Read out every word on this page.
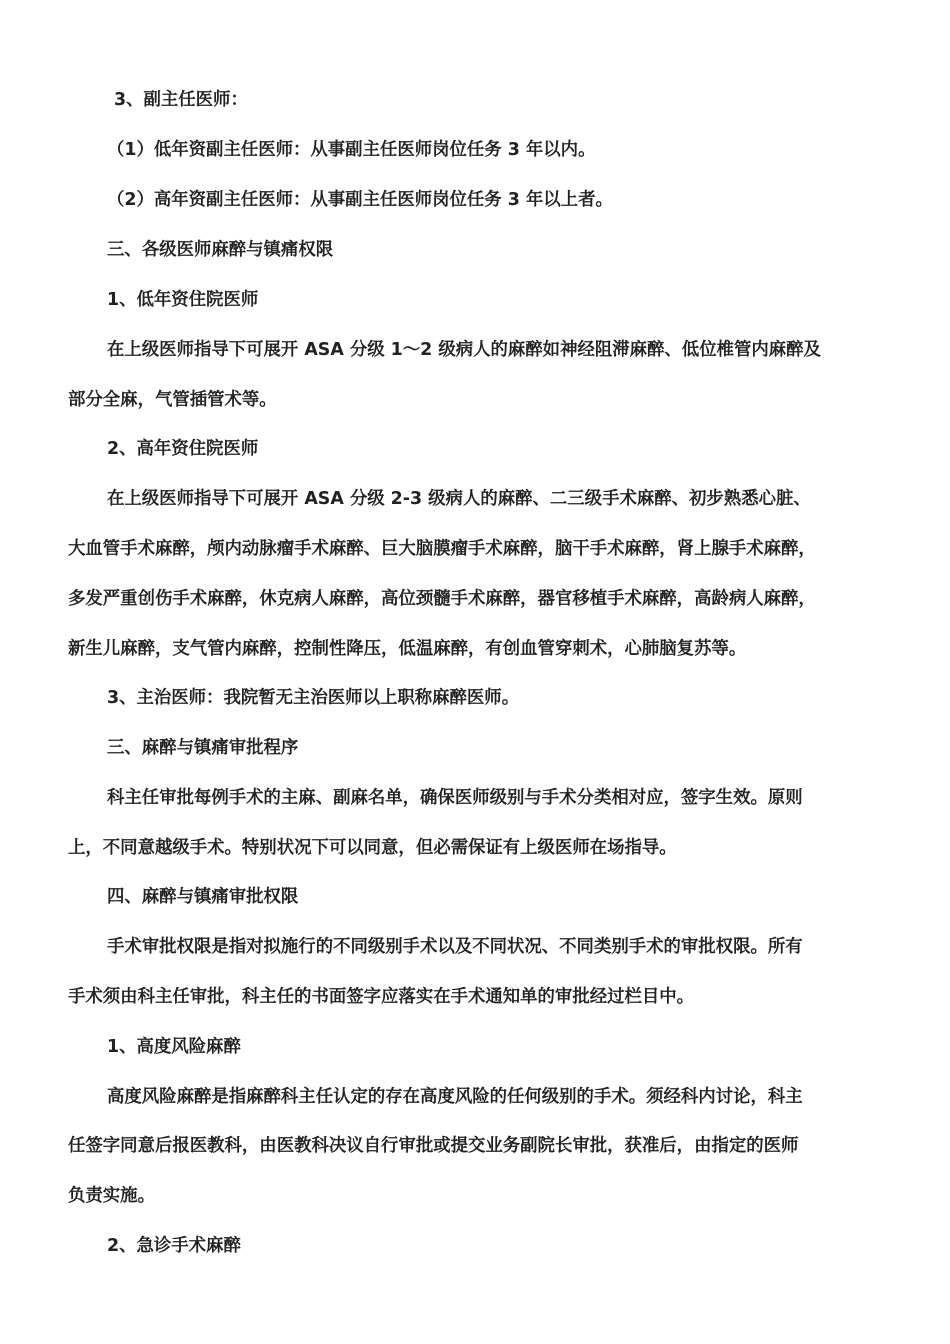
3、副主任医师：

（1）低年资副主任医师：从事副主任医师岗位任务 3 年以内。

（2）高年资副主任医师：从事副主任医师岗位任务 3 年以上者。

三、各级医师麻醉与镇痛权限

1、低年资住院医师

在上级医师指导下可展开 ASA 分级 1～2 级病人的麻醉如神经阻滞麻醉、低位椎管内麻醉及

部分全麻，气管插管术等。

2、高年资住院医师

在上级医师指导下可展开 ASA 分级 2-3 级病人的麻醉、二三级手术麻醉、初步熟悉心脏、

大血管手术麻醉，颅内动脉瘤手术麻醉、巨大脑膜瘤手术麻醉，脑干手术麻醉，肾上腺手术麻醉，

多发严重创伤手术麻醉，休克病人麻醉，高位颈髓手术麻醉，器官移植手术麻醉，高龄病人麻醉，

新生儿麻醉，支气管内麻醉，控制性降压，低温麻醉，有创血管穿刺术，心肺脑复苏等。

3、主治医师：我院暂无主治医师以上职称麻醉医师。

三、麻醉与镇痛审批程序

科主任审批每例手术的主麻、副麻名单，确保医师级别与手术分类相对应，签字生效。原则

上，不同意越级手术。特别状况下可以同意，但必需保证有上级医师在场指导。

四、麻醉与镇痛审批权限

手术审批权限是指对拟施行的不同级别手术以及不同状况、不同类别手术的审批权限。所有

手术须由科主任审批，科主任的书面签字应落实在手术通知单的审批经过栏目中。

1、高度风险麻醉

高度风险麻醉是指麻醉科主任认定的存在高度风险的任何级别的手术。须经科内讨论，科主

任签字同意后报医教科，由医教科决议自行审批或提交业务副院长审批，获准后，由指定的医师

负责实施。

2、急诊手术麻醉
